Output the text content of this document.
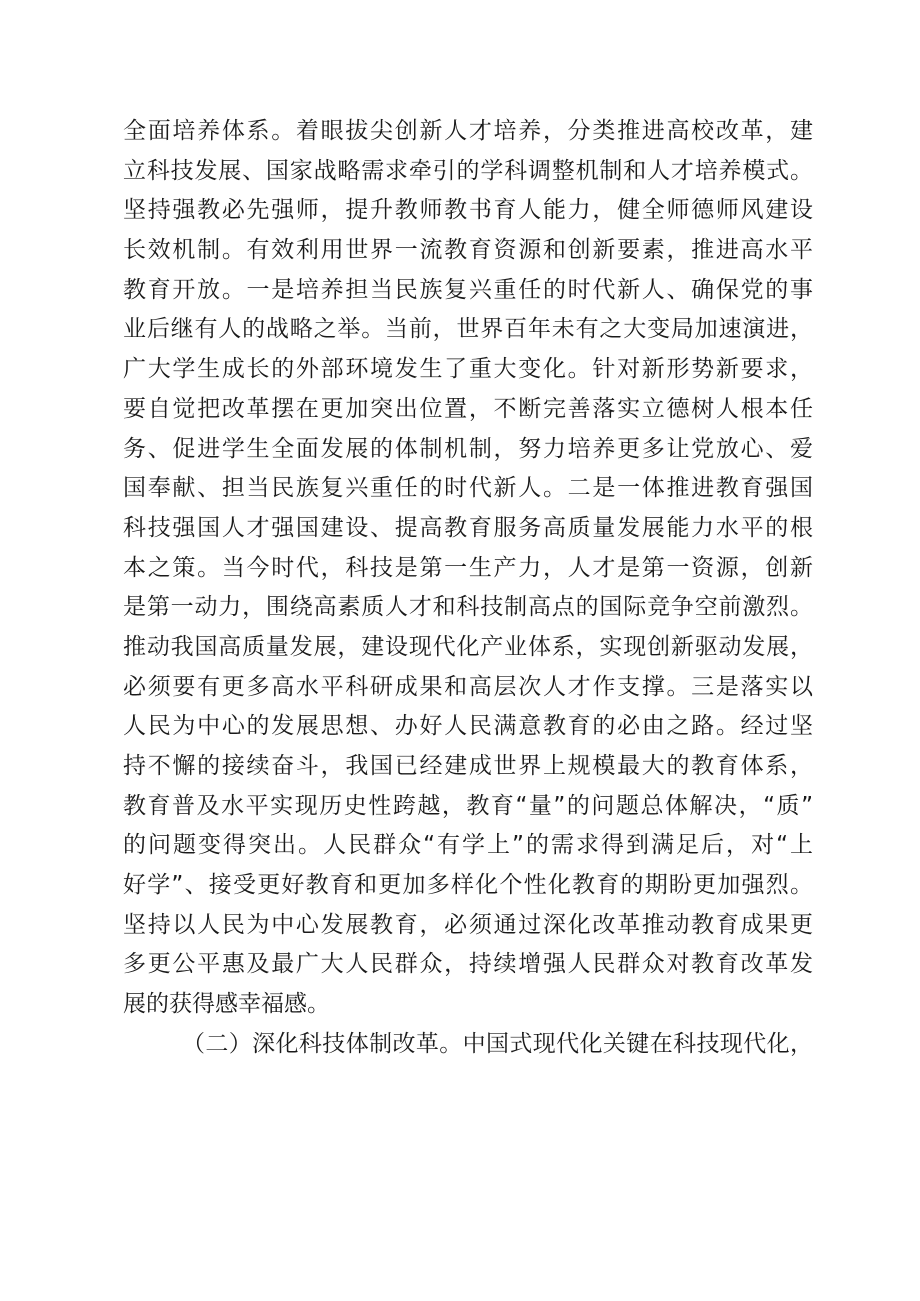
全面培养体系。着眼拔尖创新人才培养，分类推进高校改革，建
立科技发展、国家战略需求牵引的学科调整机制和人才培养模式。
坚持强教必先强师，提升教师教书育人能力，健全师德师风建设
长效机制。有效利用世界一流教育资源和创新要素，推进高水平
教育开放。一是培养担当民族复兴重任的时代新人、确保党的事
业后继有人的战略之举。当前，世界百年未有之大变局加速演进，
广大学生成长的外部环境发生了重大变化。针对新形势新要求，
要自觉把改革摆在更加突出位置，不断完善落实立德树人根本任
务、促进学生全面发展的体制机制，努力培养更多让党放心、爱
国奉献、担当民族复兴重任的时代新人。二是一体推进教育强国
科技强国人才强国建设、提高教育服务高质量发展能力水平的根
本之策。当今时代，科技是第一生产力，人才是第一资源，创新
是第一动力，围绕高素质人才和科技制高点的国际竞争空前激烈。
推动我国高质量发展，建设现代化产业体系，实现创新驱动发展，
必须要有更多高水平科研成果和高层次人才作支撑。三是落实以
人民为中心的发展思想、办好人民满意教育的必由之路。经过坚
持不懈的接续奋斗，我国已经建成世界上规模最大的教育体系，
教育普及水平实现历史性跨越，教育“量”的问题总体解决，“质”
的问题变得突出。人民群众“有学上”的需求得到满足后，对“上
好学”、接受更好教育和更加多样化个性化教育的期盼更加强烈。
坚持以人民为中心发展教育，必须通过深化改革推动教育成果更
多更公平惠及最广大人民群众，持续增强人民群众对教育改革发
展的获得感幸福感。
（二）深化科技体制改革。中国式现代化关键在科技现代化，
